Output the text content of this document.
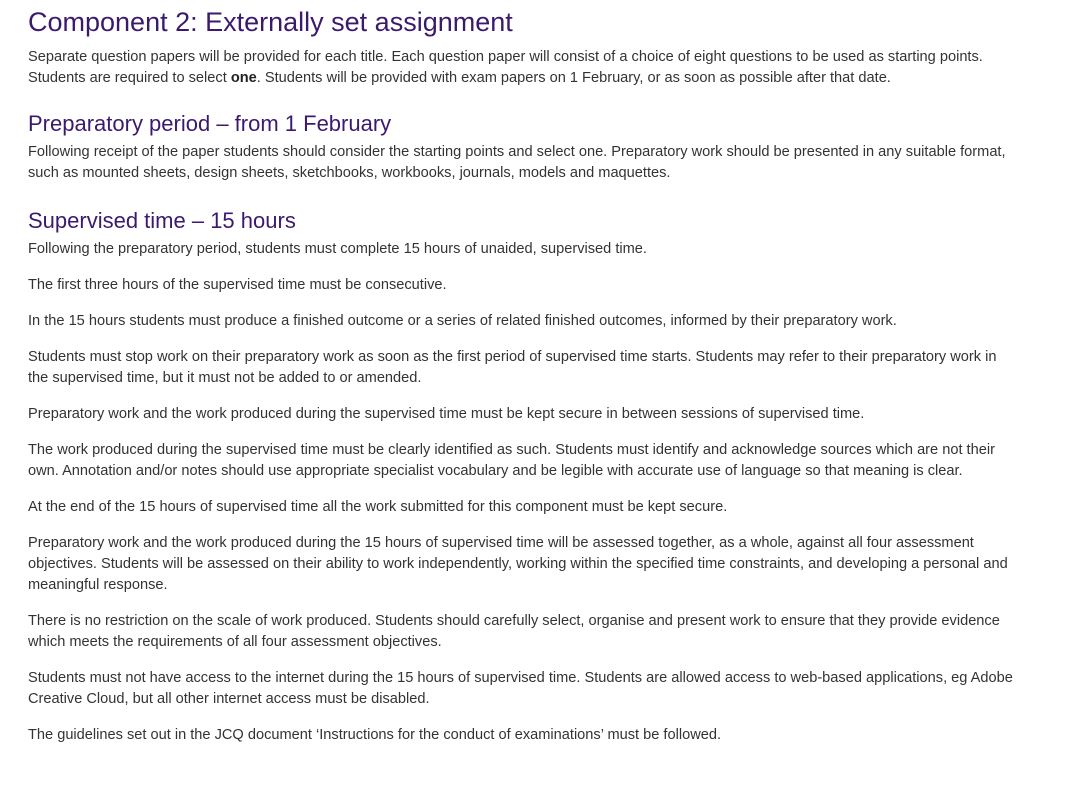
Component 2: Externally set assignment

Separate question papers will be provided for each title. Each question paper will consist of a choice of eight questions to be used as starting points. Students are required to select one. Students will be provided with exam papers on 1 February, or as soon as possible after that date.

Preparatory period – from 1 February

Following receipt of the paper students should consider the starting points and select one. Preparatory work should be presented in any suitable format, such as mounted sheets, design sheets, sketchbooks, workbooks, journals, models and maquettes.

Supervised time – 15 hours

Following the preparatory period, students must complete 15 hours of unaided, supervised time.

The first three hours of the supervised time must be consecutive.

In the 15 hours students must produce a finished outcome or a series of related finished outcomes, informed by their preparatory work.

Students must stop work on their preparatory work as soon as the first period of supervised time starts. Students may refer to their preparatory work in the supervised time, but it must not be added to or amended.

Preparatory work and the work produced during the supervised time must be kept secure in between sessions of supervised time.

The work produced during the supervised time must be clearly identified as such. Students must identify and acknowledge sources which are not their own. Annotation and/or notes should use appropriate specialist vocabulary and be legible with accurate use of language so that meaning is clear.

At the end of the 15 hours of supervised time all the work submitted for this component must be kept secure.

Preparatory work and the work produced during the 15 hours of supervised time will be assessed together, as a whole, against all four assessment objectives. Students will be assessed on their ability to work independently, working within the specified time constraints, and developing a personal and meaningful response.

There is no restriction on the scale of work produced. Students should carefully select, organise and present work to ensure that they provide evidence which meets the requirements of all four assessment objectives.

Students must not have access to the internet during the 15 hours of supervised time. Students are allowed access to web-based applications, eg Adobe Creative Cloud, but all other internet access must be disabled.

The guidelines set out in the JCQ document ‘Instructions for the conduct of examinations’ must be followed.
